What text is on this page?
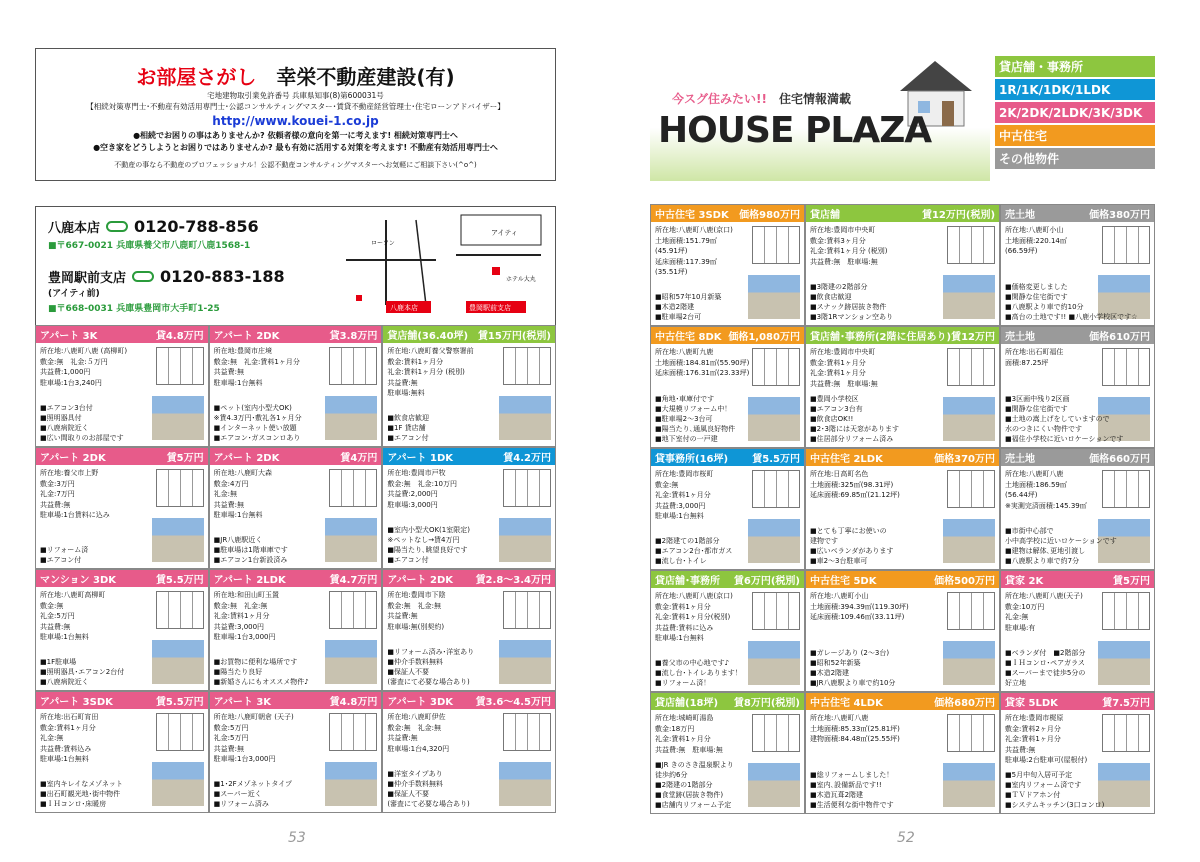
お部屋さがし　 幸栄不動産建設(有)
宅地建物取引業免許番号 兵庫県知事(8)第600031号
【相続対策専門士･不動産有効活用専門士･公認コンサルティングマスター･賃貸不動産経営管理士･住宅ローンアドバイザー】
http://www.kouei-1.co.jp
●相続でお困りの事はありませんか? 依頼者様の意向を第一に考えます! 相続対策専門士へ
●空き家をどうしようとお困りではありませんか? 最も有効に活用する対策を考えます! 不動産有効活用専門士へ
不動産の事なら不動産のプロフェッショナル！公認不動産コンサルティングマスターへお気軽にご相談下さい(^o^)
八鹿本店 0120-788-856
■〒667-0021 兵庫県養父市八鹿町八鹿1568-1
豊岡駅前支店 0120-883-188
(アイティ前)
■〒668-0031 兵庫県豊岡市大手町1-25
アイティ
ホテル大丸
ローソン
八鹿本店	豊岡駅前支店
アパート 3K	貸4.8万円
所在地:八鹿町八鹿 (高柳町)
敷金:無　礼金:５万円
共益費:1,000円
駐車場:1台3,240円
■エアコン3台付
■照明器具付
■八鹿病院近く
■広い間取りのお部屋です
アパート 2DK	貸3.8万円
所在地:豊岡市庄境
敷金:無　礼金:賃料1ヶ月分
共益費:無
駐車場:1台無料
■ペット(室内小型犬OK)
※賃4.3万円･敷礼各1ヶ月分
■インターネット使い放題
■エアコン･ガスコンロあり
貸店舗(36.40坪) 賃15万円(税別)
所在地:八鹿町養父警察署前
敷金:賃料1ヶ月分
礼金:賃料1ヶ月分 (税別)
共益費:無
駐車場:無料
■飲食店歓迎
■1F 貸店舗
■エアコン付
アパート 2DK	賃5万円
所在地:養父市上野
敷金:3万円
礼金:7万円
共益費:無
駐車場:1台賃料に込み
■リフォーム済
■エアコン付
アパート 2DK	賃4万円
所在地:八鹿町大森
敷金:4万円
礼金:無
共益費:無
駐車場:1台無料
■JR八鹿駅近く
■駐車場は1階車庫です
■エアコン1台新設済み
アパート 1DK	賃4.2万円
所在地:豊岡市戸牧
敷金:無　礼金:10万円
共益費:2,000円
駐車場:3,000円
■室内小型犬OK(1室限定)
※ペットなし→賃4万円
■陽当たり､眺望良好です
■エアコン付
マンション 3DK	賃5.5万円
所在地:八鹿町高柳町
敷金:無
礼金:5万円
共益費:無
駐車場:1台無料
■1F駐車場
■照明器具･エアコン2台付
■八鹿病院近く
アパート 2LDK	賃4.7万円
所在地:和田山町玉置
敷金:無　礼金:無
礼金:賃料1ヶ月分
共益費:3,000円
駐車場:1台3,000円
■お買物に便利な場所です
■陽当たり良好
■新婚さんにもオススメ物件♪
アパート 2DK 賃2.8〜3.4万円
所在地:豊岡市下陰
敷金:無　礼金:無
共益費:無
駐車場:無(別契約)
■リフォーム済み･洋室あり
■仲介手数料無料
■保証人不要
(審査にて必要な場合あり)
アパート 3SDK	賃5.5万円
所在地:出石町宵田
敷金:賃料1ヶ月分
礼金:無
共益費:賃料込み
駐車場:1台無料
■室内キレイなメゾネット
■出石町観光地･街中物件
■ＩＨコンロ･床暖房
アパート 3K	賃4.8万円
所在地:八鹿町朝倉 (天子)
敷金:5万円
礼金:5万円
共益費:無
駐車場:1台3,000円
■1･2Fメゾネットタイプ
■スーパー近く
■リフォーム済み
アパート 3DK 賃3.6〜4.5万円
所在地:八鹿町伊佐
敷金:無　礼金:無
共益費:無
駐車場:1台4,320円
■洋室タイプあり
■仲介手数料無料
■保証人不要
(審査にて必要な場合あり)
今スグ住みたい!!　 住宅情報満載
HOUSE PLAZA
貸店舗・事務所
1R/1K/1DK/1LDK
2K/2DK/2LDK/3K/3DK
中古住宅
その他物件
中古住宅 3SDK 価格980万円
所在地:八鹿町八鹿(京口)
土地面積:151.79㎡
(45.91坪)
延床面積:117.39㎡
(35.51坪)
■昭和57年10月新築
■木造2階建
■駐車場2台可
貸店舗	賃12万円(税別)
所在地:豊岡市中央町
敷金:賃料3ヶ月分
礼金:賃料1ヶ月分 (税別)
共益費:無　駐車場:無
■3階建の2階部分
■飲食店歓迎
■スナック跡居抜き物件
■3階1Rマンション空あり
売土地	価格380万円
所在地:八鹿町小山
土地面積:220.14㎡
(66.59坪)
■価格変更しました
■閑静な住宅街です
■八鹿駅より車で約10分
■高台の土地です!! ■八鹿小学校区です☆
中古住宅 8DK 価格1,080万円
所在地:八鹿町九鹿
土地面積:184.81㎡(55.90坪)
延床面積:176.31㎡(23.33坪)
■角地･車庫付です
■大規模リフォーム中！
■駐車場2〜3台可
■陽当たり､通風良好物件
■地下室付の一戸建
貸店舗･事務所(2階に住居あり) 賃12万円
所在地:豊岡市中央町
敷金:賃料1ヶ月分
礼金:賃料1ヶ月分
共益費:無　駐車場:無
■豊岡小学校区
■エアコン3台有
■飲食店OK!!
■2･3階には天窓があります
■住居部分リフォーム済み
売土地	価格610万円
所在地:出石町福住
面積:87.25坪
■3区画中残り2区画
■閑静な住宅街です
■土地の嵩上げをしていますので
水のつきにくい物件です
■福住小学校に近いロケーションです
貸事務所(16坪) 賃5.5万円
所在地:豊岡市桜町
敷金:無
礼金:賃料1ヶ月分
共益費:3,000円
駐車場:1台無料
■2階建ての1階部分
■エアコン2台･都市ガス
■流し台･トイレ
中古住宅 2LDK	価格370万円
所在地:日高町名色
土地面積:325㎡(98.31坪)
延床面積:69.85㎡(21.12坪)
■とても丁寧にお使いの
建物です
■広いベランダがあります
■車2〜3台駐車可
売土地	価格660万円
所在地:八鹿町八鹿
土地面積:186.59㎡
(56.44坪)
※実測完済面積:145.39㎡
■市街中心部で
小中高学校に近いロケーションです
■建物は解体､更地引渡し
■八鹿駅より車で約7分
貸店舗･事務所 賃6万円(税別)
所在地:八鹿町八鹿(京口)
敷金:賃料1ヶ月分
礼金:賃料1ヶ月分(税別)
共益費:賃料に込み
駐車場:1台無料
■養父市の中心地です♪
■流し台･トイレあります！
■リフォーム済！
中古住宅 5DK	価格500万円
所在地:八鹿町小山
土地面積:394.39㎡(119.30坪)
延床面積:109.46㎡(33.11坪)
■ガレージあり (2〜3台)
■昭和52年新築
■木造2階建
■JR八鹿駅より車で約10分
貸家 2K	賃5万円
所在地:八鹿町八鹿(天子)
敷金:10万円
礼金:無
駐車場:有
■ベランダ付　■2階部分
■ＩＨコンロ･ペアガラス
■スーパーまで徒歩5分の
好立地
貸店舗(18坪) 賃8万円(税別)
所在地:城崎町湯島
敷金:18万円
礼金:賃料1ヶ月分
共益費:無　駐車場:無
■JR きのさき温泉駅より
徒歩約6分
■2階建の1階部分
■食堂跡(居抜き物件)
■店舗内リフォーム予定
中古住宅 4LDK	価格680万円
所在地:八鹿町八鹿
土地面積:85.33㎡(25.81坪)
建物面積:84.48㎡(25.55坪)
■総リフォームしました！
■室内､設備新品です!!
■木造瓦葺2階建
■生活便利な街中物件です
貸家 5LDK	賃7.5万円
所在地:豊岡市梶原
敷金:賃料2ヶ月分
礼金:賃料1ヶ月分
共益費:無
駐車場:2台駐車可(屋根付)
■5月中旬入居可予定
■室内リフォーム済です
■ＴＶドアホン付
■システムキッチン(3口コンロ)
53	52
